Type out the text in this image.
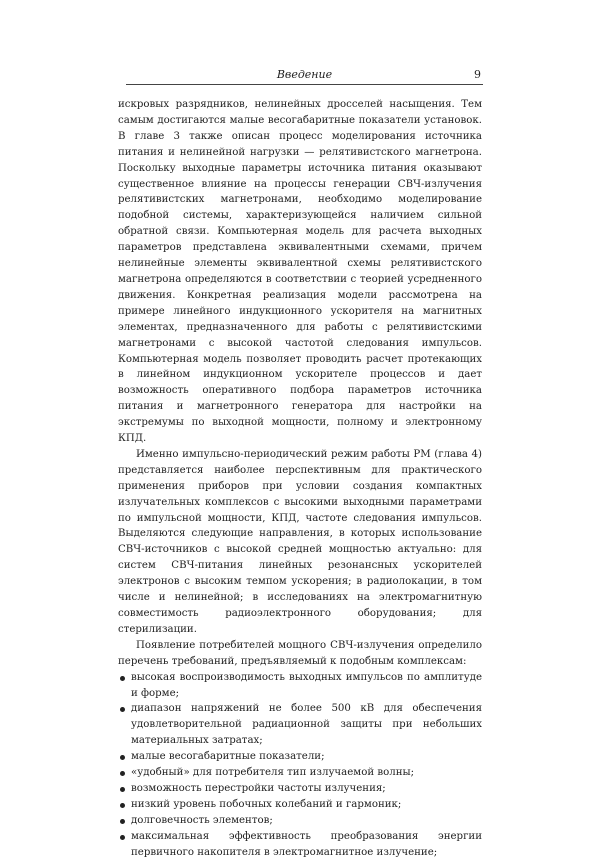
Введение	9

искровых разрядников, нелинейных дросселей насыщения. Тем самым достигаются малые весогабаритные показатели установок. В главе 3 также описан процесс моделирования источника питания и нелинейной нагрузки — релятивистского магнетрона. Поскольку выходные параметры источника питания оказывают существенное влияние на процессы генерации СВЧ-излучения релятивистских магнетронами, необходимо моделирование подобной системы, характеризующейся наличием сильной обратной связи. Компьютерная модель для расчета выходных параметров представлена эквивалентными схемами, причем нелинейные элементы эквивалентной схемы релятивистского магнетрона определяются в соответствии с теорией усредненного движения. Конкретная реализация модели рассмотрена на примере линейного индукционного ускорителя на магнитных элементах, предназначенного для работы с релятивистскими магнетронами с высокой частотой следования импульсов. Компьютерная модель позволяет проводить расчет протекающих в линейном индукционном ускорителе процессов и дает возможность оперативного подбора параметров источника питания и магнетронного генератора для настройки на экстремумы по выходной мощности, полному и электронному КПД.

Именно импульсно-периодический режим работы РМ (глава 4) представляется наиболее перспективным для практического применения приборов при условии создания компактных излучательных комплексов с высокими выходными параметрами по импульсной мощности, КПД, частоте следования импульсов. Выделяются следующие направления, в которых использование СВЧ-источников с высокой средней мощностью актуально: для систем СВЧ-питания линейных резонансных ускорителей электронов с высоким темпом ускорения; в радиолокации, в том числе и нелинейной; в исследованиях на электромагнитную совместимость радиоэлектронного оборудования; для стерилизации.

Появление потребителей мощного СВЧ-излучения определило перечень требований, предъявляемый к подобным комплексам:

высокая воспроизводимость выходных импульсов по амплитуде и форме;
диапазон напряжений не более 500 кВ для обеспечения удовлетворительной радиационной защиты при небольших материальных затратах;
малые весогабаритные показатели;
«удобный» для потребителя тип излучаемой волны;
возможность перестройки частоты излучения;
низкий уровень побочных колебаний и гармоник;
долговечность элементов;
максимальная эффективность преобразования энергии первичного накопителя в электромагнитное излучение;
